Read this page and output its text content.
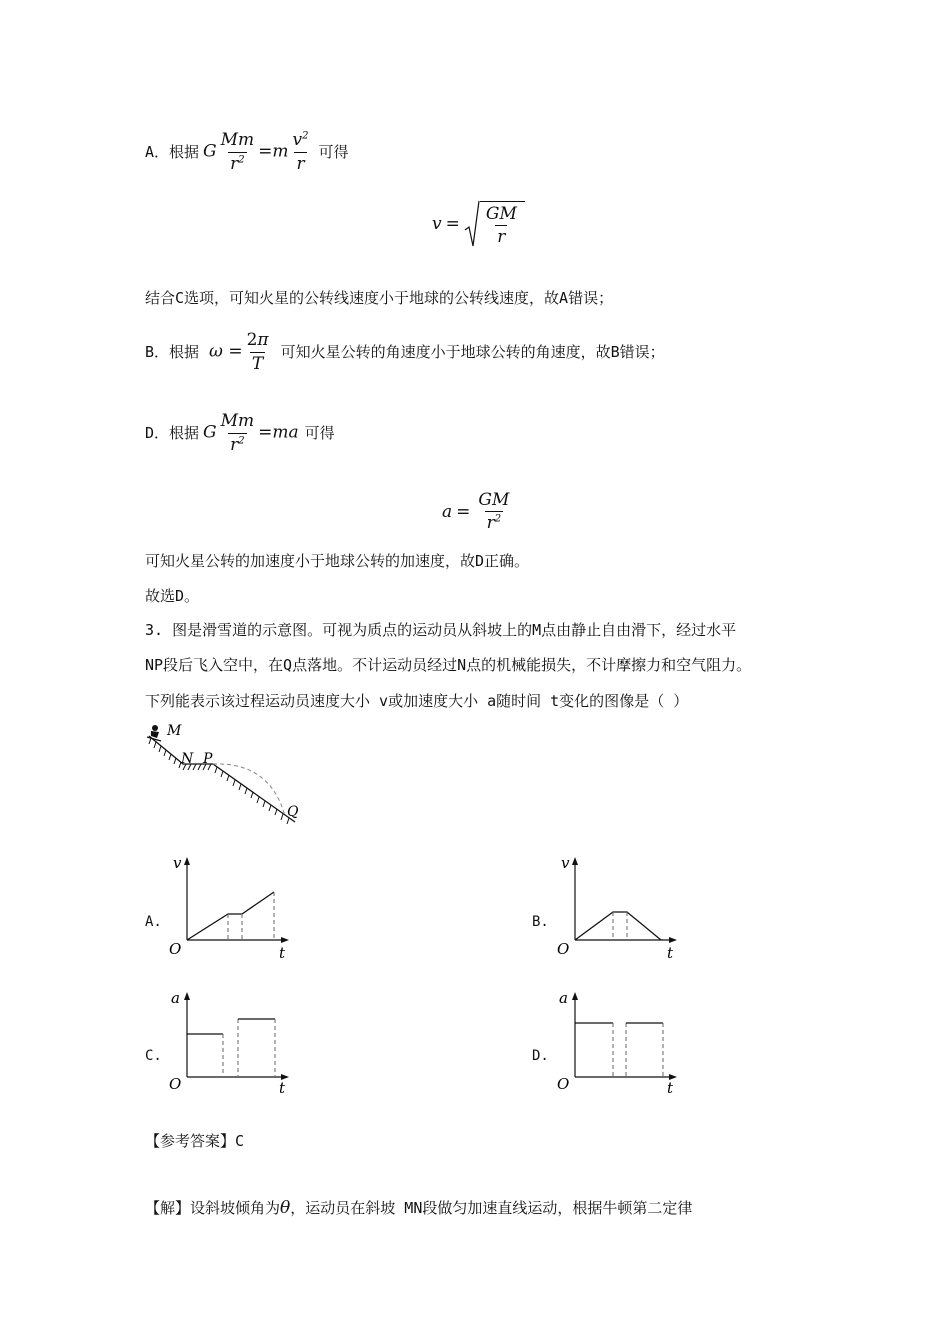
A．根据 G $\frac{Mm}{r^2} =m \frac{v^2}{r}$ 可得
$v = \frac{GM}{r}$
结合C选项，可知火星的公转线速度小于地球的公转线速度，故A错误；
B．根据 $\omega = \frac{2\pi}{T}$ 可知火星公转的角速度小于地球公转的角速度，故B错误；
D．根据 G $\frac{Mm}{r^2} =ma$ 可得
$a = \frac{GM}{r^2}$
可知火星公转的加速度小于地球公转的加速度，故D正确。
故选D。
3. 图是滑雪道的示意图。可视为质点的运动员从斜坡上的M点由静止自由滑下，经过水平
NP段后飞入空中，在Q点落地。不计运动员经过N点的机械能损失，不计摩擦力和空气阻力。
下列能表示该过程运动员速度大小 v或加速度大小 a随时间 t变化的图像是（ ）
M
N P
Q
A.
v
t
O
B.
v
t
O
C.
a
t
O
D.
a
t
O
【参考答案】C
【解】设斜坡倾角为θ，运动员在斜坡 MN段做匀加速直线运动，根据牛顿第二定律
